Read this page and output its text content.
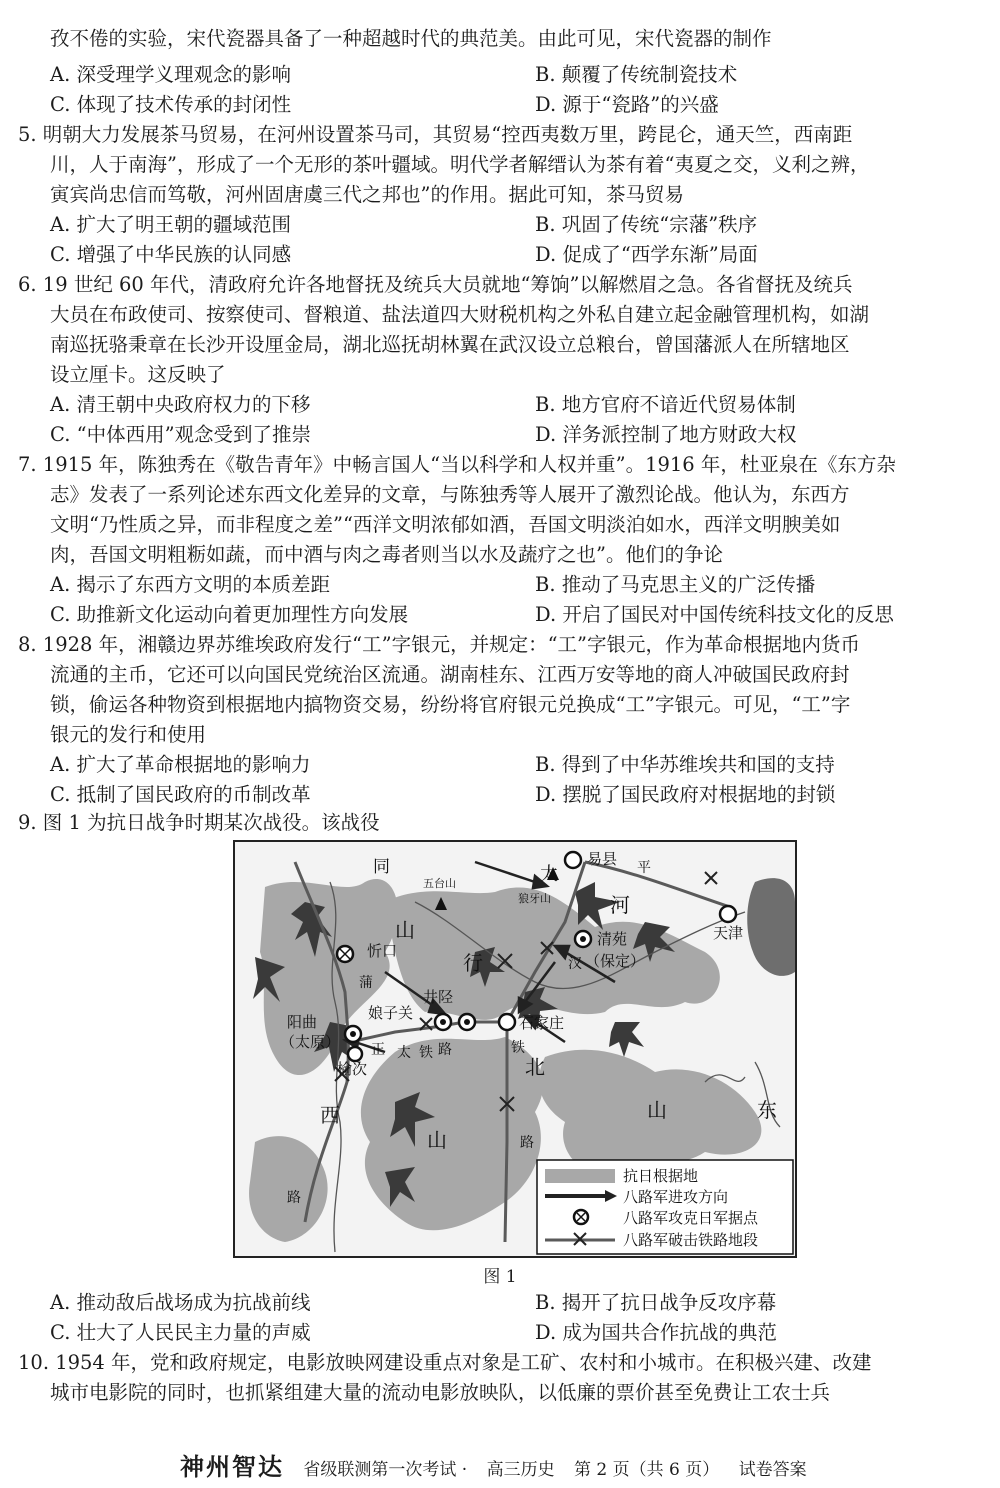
孜不倦的实验，宋代瓷器具备了一种超越时代的典范美。由此可见，宋代瓷器的制作
A. 深受理学义理观念的影响	B. 颠覆了传统制瓷技术
C. 体现了技术传承的封闭性	D. 源于“瓷路”的兴盛
5. 明朝大力发展茶马贸易，在河州设置茶马司，其贸易“控西夷数万里，跨昆仑，通天竺，西南距
川，人于南海”，形成了一个无形的茶叶疆域。明代学者解缙认为茶有着“夷夏之交，义利之辨，
寅宾尚忠信而笃敬，河州固唐虞三代之邦也”的作用。据此可知，茶马贸易
A. 扩大了明王朝的疆域范围	B. 巩固了传统“宗藩”秩序
C. 增强了中华民族的认同感	D. 促成了“西学东渐”局面
6. 19 世纪 60 年代，清政府允许各地督抚及统兵大员就地“筹饷”以解燃眉之急。各省督抚及统兵
大员在布政使司、按察使司、督粮道、盐法道四大财税机构之外私自建立起金融管理机构，如湖
南巡抚骆秉章在长沙开设厘金局，湖北巡抚胡林翼在武汉设立总粮台，曾国藩派人在所辖地区
设立厘卡。这反映了
A. 清王朝中央政府权力的下移	B. 地方官府不谙近代贸易体制
C. “中体西用”观念受到了推崇	D. 洋务派控制了地方财政大权
7. 1915 年，陈独秀在《敬告青年》中畅言国人“当以科学和人权并重”。1916 年，杜亚泉在《东方杂
志》发表了一系列论述东西文化差异的文章，与陈独秀等人展开了激烈论战。他认为，东西方
文明“乃性质之异，而非程度之差”“西洋文明浓郁如酒，吾国文明淡泊如水，西洋文明腴美如
肉，吾国文明粗粝如蔬，而中酒与肉之毒者则当以水及蔬疗之也”。他们的争论
A. 揭示了东西方文明的本质差距	B. 推动了马克思主义的广泛传播
C. 助推新文化运动向着更加理性方向发展	D. 开启了国民对中国传统科技文化的反思
8. 1928 年，湘赣边界苏维埃政府发行“工”字银元，并规定：“工”字银元，作为革命根据地内货币
流通的主币，它还可以向国民党统治区流通。湖南桂东、江西万安等地的商人冲破国民政府封
锁，偷运各种物资到根据地内搞物资交易，纷纷将官府银元兑换成“工”字银元。可见，“工”字
银元的发行和使用
A. 扩大了革命根据地的影响力	B. 得到了中华苏维埃共和国的支持
C. 抵制了国民政府的币制改革	D. 摆脱了国民政府对根据地的封锁
9. 图 1 为抗日战争时期某次战役。该战役
易县
五台山
狼牙山
清苑
（保定）
天津
忻口
阳曲
（太原）
榆次
井陉
娘子关
石家庄
同	平
太
山
行
河
蒲
汉
正 太 路
铁	铁
北
西
山	路
路
山	东
抗日根据地
八路军进攻方向
八路军攻克日军据点
八路军破击铁路地段
图 1
A. 推动敌后战场成为抗战前线	B. 揭开了抗日战争反攻序幕
C. 壮大了人民民主力量的声威	D. 成为国共合作抗战的典范
10. 1954 年，党和政府规定，电影放映网建设重点对象是工矿、农村和小城市。在积极兴建、改建
城市电影院的同时，也抓紧组建大量的流动电影放映队，以低廉的票价甚至免费让工农士兵
神州智达 省级联测第一次考试 · 高三历史 第 2 页（共 6 页） 试卷答案
